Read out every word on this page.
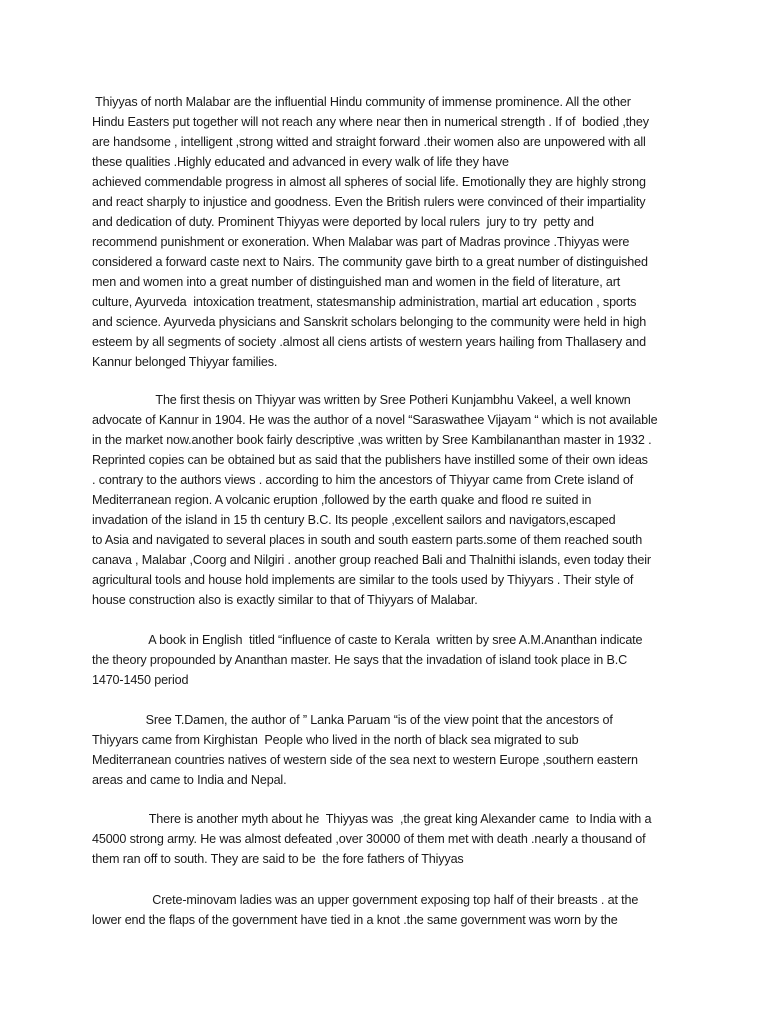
Thiyyas of north Malabar are the influential Hindu community of immense prominence. All the other
Hindu Easters put together will not reach any where near then in numerical strength . If of  bodied ,they
are handsome , intelligent ,strong witted and straight forward .their women also are unpowered with all
these qualities .Highly educated and advanced in every walk of life they have
achieved commendable progress in almost all spheres of social life. Emotionally they are highly strong
and react sharply to injustice and goodness. Even the British rulers were convinced of their impartiality
and dedication of duty. Prominent Thiyyas were deported by local rulers  jury to try  petty and
recommend punishment or exoneration. When Malabar was part of Madras province .Thiyyas were
considered a forward caste next to Nairs. The community gave birth to a great number of distinguished
men and women into a great number of distinguished man and women in the field of literature, art
culture, Ayurveda  intoxication treatment, statesmanship administration, martial art education , sports
and science. Ayurveda physicians and Sanskrit scholars belonging to the community were held in high
esteem by all segments of society .almost all ciens artists of western years hailing from Thallasery and
Kannur belonged Thiyyar families.
The first thesis on Thiyyar was written by Sree Potheri Kunjambhu Vakeel, a well known
advocate of Kannur in 1904. He was the author of a novel “Saraswathee Vijayam “ which is not available
in the market now.another book fairly descriptive ,was written by Sree Kambilananthan master in 1932 .
Reprinted copies can be obtained but as said that the publishers have instilled some of their own ideas
. contrary to the authors views . according to him the ancestors of Thiyyar came from Crete island of
Mediterranean region. A volcanic eruption ,followed by the earth quake and flood re suited in
invadation of the island in 15 th century B.C. Its people ,excellent sailors and navigators,escaped
to Asia and navigated to several places in south and south eastern parts.some of them reached south
canava , Malabar ,Coorg and Nilgiri . another group reached Bali and Thalnithi islands, even today their
agricultural tools and house hold implements are similar to the tools used by Thiyyars . Their style of
house construction also is exactly similar to that of Thiyyars of Malabar.
A book in English  titled “influence of caste to Kerala  written by sree A.M.Ananthan indicate
the theory propounded by Ananthan master. He says that the invadation of island took place in B.C
1470-1450 period
Sree T.Damen, the author of ” Lanka Paruam “is of the view point that the ancestors of
Thiyyars came from Kirghistan  People who lived in the north of black sea migrated to sub
Mediterranean countries natives of western side of the sea next to western Europe ,southern eastern
areas and came to India and Nepal.
There is another myth about he  Thiyyas was  ,the great king Alexander came  to India with a
45000 strong army. He was almost defeated ,over 30000 of them met with death .nearly a thousand of
them ran off to south. They are said to be  the fore fathers of Thiyyas
Crete-minovam ladies was an upper government exposing top half of their breasts . at the
lower end the flaps of the government have tied in a knot .the same government was worn by the
